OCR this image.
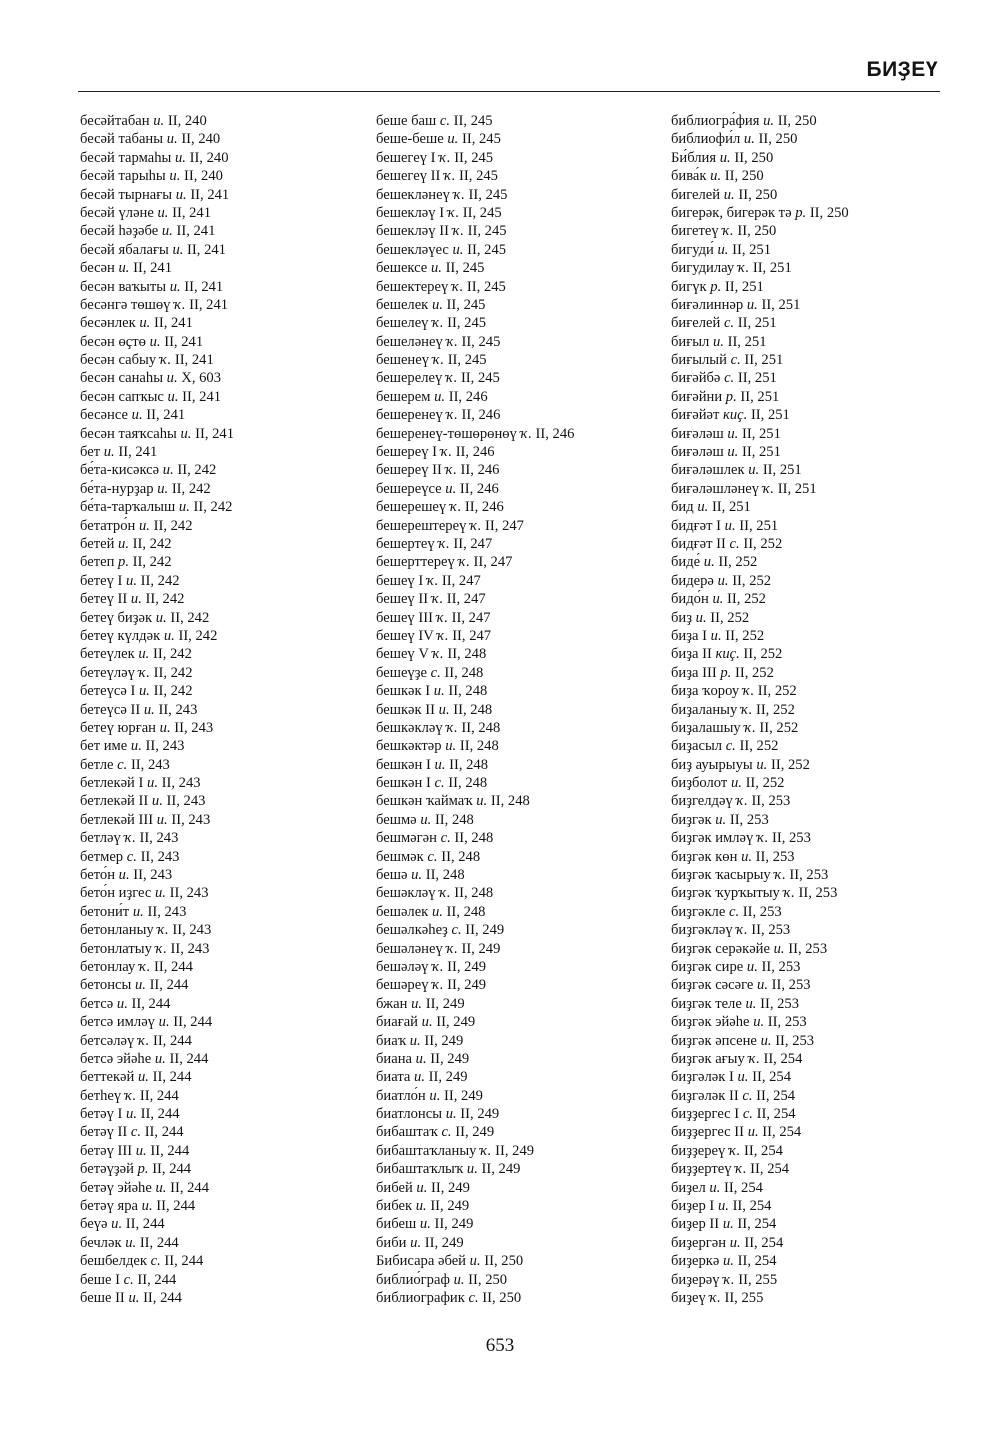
БИҘЕҮ
бесәйтабан и. II, 240
бесәй табаны и. II, 240
бесәй тармаһы и. II, 240
бесәй тарыһы и. II, 240
бесәй тырнағы и. II, 241
бесәй үләне и. II, 241
бесәй һәҙәбе и. II, 241
бесәй ябалағы и. II, 241
бесән и. II, 241
бесән ваҡыты и. II, 241
бесәнгә төшөү ҡ. II, 241
бесәнлек и. II, 241
бесән өҫтө и. II, 241
бесән сабыу ҡ. II, 241
бесән санаһы и. X, 603
бесән сапҡыс и. II, 241
бесәнсе и. II, 241
бесән таяҡсаһы и. II, 241
бет и. II, 241
бе́та-кисәксә и. II, 242
бе́та-нурҙар и. II, 242
бе́та-тарҡалыш и. II, 242
бетатро́н и. II, 242
бетей и. II, 242
бетеп р. II, 242
бетеү I и. II, 242
бетеү II и. II, 242
бетеү биҙәк и. II, 242
бетеү күлдәк и. II, 242
бетеүлек и. II, 242
бетеүләү ҡ. II, 242
бетеүсә I и. II, 242
бетеүсә II и. II, 243
бетеү юрған и. II, 243
бет име и. II, 243
бетле с. II, 243
бетлекәй I и. II, 243
бетлекәй II и. II, 243
бетлекәй III и. II, 243
бетләү ҡ. II, 243
бетмер с. II, 243
бето́н и. II, 243
бето́н иҙгес и. II, 243
бетони́т и. II, 243
бетонланыу ҡ. II, 243
бетонлатыу ҡ. II, 243
бетонлау ҡ. II, 244
бетонсы и. II, 244
бетсә и. II, 244
бетсә имләү и. II, 244
бетсәләү ҡ. II, 244
бетсә эйәһе и. II, 244
беттекәй и. II, 244
бетһеү ҡ. II, 244
бетәү I и. II, 244
бетәү II с. II, 244
бетәү III и. II, 244
бетәүҙәй р. II, 244
бетәү эйәһе и. II, 244
бетәү яра и. II, 244
беүә и. II, 244
бечләк и. II, 244
бешбелдек с. II, 244
беше I с. II, 244
беше II и. II, 244
беше баш с. II, 245
беше-беше и. II, 245
бешегеү I ҡ. II, 245
бешегеү II ҡ. II, 245
бешекләнеү ҡ. II, 245
бешекләү I ҡ. II, 245
бешекләү II ҡ. II, 245
бешекләүес и. II, 245
бешексе и. II, 245
бешектереү ҡ. II, 245
бешелек и. II, 245
бешелеү ҡ. II, 245
бешеләнеү ҡ. II, 245
бешенеү ҡ. II, 245
бешерелеү ҡ. II, 245
бешерем и. II, 246
бешеренеү ҡ. II, 246
бешеренеү-төшөрөнөү ҡ. II, 246
бешереү I ҡ. II, 246
бешереү II ҡ. II, 246
бешереүсе и. II, 246
бешерешеү ҡ. II, 246
бешерештереү ҡ. II, 247
бешертеү ҡ. II, 247
бешерттереү ҡ. II, 247
бешеү I ҡ. II, 247
бешеү II ҡ. II, 247
бешеү III ҡ. II, 247
бешеү IV ҡ. II, 247
бешеү V ҡ. II, 248
бешеүҙе с. II, 248
бешкәк I и. II, 248
бешкәк II и. II, 248
бешкәкләү ҡ. II, 248
бешкәктәр и. II, 248
бешкән I и. II, 248
бешкән I с. II, 248
бешкән ҡаймаҡ и. II, 248
бешмә и. II, 248
бешмәгән с. II, 248
бешмәк с. II, 248
бешә и. II, 248
бешәкләү ҡ. II, 248
бешәлек и. II, 248
бешәлкәһеҙ с. II, 249
бешәләнеү ҡ. II, 249
бешәләү ҡ. II, 249
бешәреү ҡ. II, 249
бжан и. II, 249
биағай и. II, 249
биаҡ и. II, 249
биана и. II, 249
биата и. II, 249
биатло́н и. II, 249
биатлонсы и. II, 249
бибаштаҡ с. II, 249
бибаштаҡланыу ҡ. II, 249
бибаштаҡлыҡ и. II, 249
бибей и. II, 249
бибек и. II, 249
бибеш и. II, 249
биби и. II, 249
Бибисара әбей и. II, 250
библио́граф и. II, 250
библиографик с. II, 250
библиогра́фия и. II, 250
библиофи́л и. II, 250
Би́блия и. II, 250
бива́к и. II, 250
бигелей и. II, 250
бигерәк, бигерәк тә р. II, 250
бигетеү ҡ. II, 250
бигуди́ и. II, 251
бигудилау ҡ. II, 251
бигүк р. II, 251
биғәлиннәр и. II, 251
биғелей с. II, 251
биғыл и. II, 251
биғылый с. II, 251
биғәйбә с. II, 251
биғәйни р. II, 251
биғәйәт киҫ. II, 251
биғәләш и. II, 251
биғәләш и. II, 251
биғәләшлек и. II, 251
биғәләшләнеү ҡ. II, 251
бид и. II, 251
бидғәт I и. II, 251
бидғәт II с. II, 252
биде́ и. II, 252
бидерә и. II, 252
бидо́н и. II, 252
биҙ и. II, 252
биҙа I и. II, 252
биҙа II киҫ. II, 252
биҙа III р. II, 252
биҙа ҡороу ҡ. II, 252
биҙаланыу ҡ. II, 252
биҙалашыу ҡ. II, 252
биҙасыл с. II, 252
биҙ ауырыуы и. II, 252
биҙболот и. II, 252
биҙгелдәү ҡ. II, 253
биҙгәк и. II, 253
биҙгәк имләү ҡ. II, 253
биҙгәк көн и. II, 253
биҙгәк ҡасырыу ҡ. II, 253
биҙгәк ҡурҡытыу ҡ. II, 253
биҙгәкле с. II, 253
биҙгәкләү ҡ. II, 253
биҙгәк серәкәйе и. II, 253
биҙгәк сире и. II, 253
биҙгәк сәсәге и. II, 253
биҙгәк теле и. II, 253
биҙгәк эйәһе и. II, 253
биҙгәк әпсене и. II, 253
биҙгәк ағыу ҡ. II, 254
биҙгәләк I и. II, 254
биҙгәләк II с. II, 254
биҙҙергес I с. II, 254
биҙҙергес II и. II, 254
биҙҙереү ҡ. II, 254
биҙҙертеү ҡ. II, 254
биҙел и. II, 254
биҙер I и. II, 254
биҙер II и. II, 254
биҙергән и. II, 254
биҙеркә и. II, 254
биҙерәү ҡ. II, 255
биҙеү ҡ. II, 255
653
